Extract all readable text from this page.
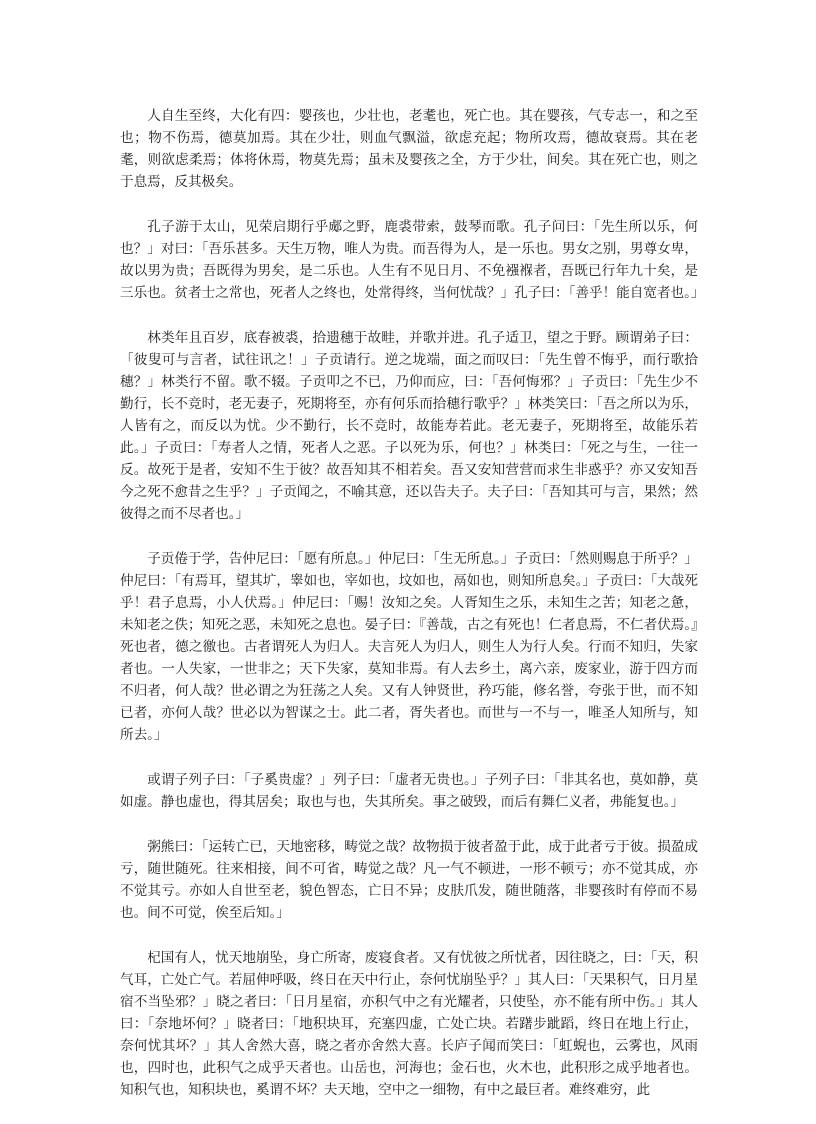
人自生至终，大化有四：婴孩也，少壮也，老耄也，死亡也。其在婴孩，气专志一，和之至也；物不伤焉，德莫加焉。其在少壮，则血气飘溢，欲虑充起；物所攻焉，德故衰焉。其在老耄，则欲虑柔焉；体将休焉，物莫先焉；虽未及婴孩之全，方于少壮，间矣。其在死亡也，则之于息焉，反其极矣。

孔子游于太山，见荣启期行乎郕之野，鹿裘带索，鼓琴而歌。孔子问曰：「先生所以乐，何也？」对曰：「吾乐甚多。天生万物，唯人为贵。而吾得为人，是一乐也。男女之别，男尊女卑，故以男为贵；吾既得为男矣，是二乐也。人生有不见日月、不免襁褓者，吾既已行年九十矣，是三乐也。贫者士之常也，死者人之终也，处常得终，当何忧哉？」孔子曰：「善乎！能自宽者也。」

林类年且百岁，底春被裘，拾遗穗于故畦，并歌并进。孔子适卫，望之于野。顾谓弟子曰：「彼叟可与言者，试往讯之！」子贡请行。逆之垅端，面之而叹曰：「先生曾不悔乎，而行歌拾穗？」林类行不留。歌不辍。子贡叩之不已，乃仰而应，曰：「吾何悔邪？」子贡曰：「先生少不勤行，长不竞时，老无妻子，死期将至，亦有何乐而拾穗行歌乎？」林类笑曰：「吾之所以为乐，人皆有之，而反以为忧。少不勤行，长不竞时，故能寿若此。老无妻子，死期将至，故能乐若此。」子贡曰：「寿者人之情，死者人之恶。子以死为乐，何也？」林类曰：「死之与生，一往一反。故死于是者，安知不生于彼？故吾知其不相若矣。吾又安知营营而求生非惑乎？亦又安知吾今之死不愈昔之生乎？」子贡闻之，不喻其意，还以告夫子。夫子曰：「吾知其可与言，果然；然彼得之而不尽者也。」

子贡倦于学，告仲尼曰：「愿有所息。」仲尼曰：「生无所息。」子贡曰：「然则赐息于所乎？」仲尼曰：「有焉耳，望其圹，睾如也，宰如也，坟如也，鬲如也，则知所息矣。」子贡曰：「大哉死乎！君子息焉，小人伏焉。」仲尼曰：「赐！汝知之矣。人胥知生之乐，未知生之苦；知老之惫，未知老之佚；知死之恶，未知死之息也。晏子曰：『善哉，古之有死也！仁者息焉，不仁者伏焉。』死也者，德之徼也。古者谓死人为归人。夫言死人为归人，则生人为行人矣。行而不知归，失家者也。一人失家，一世非之；天下失家，莫知非焉。有人去乡土，离六亲，废家业，游于四方而不归者，何人哉？世必谓之为狂荡之人矣。又有人钟贤世，矜巧能，修名誉，夸张于世，而不知已者，亦何人哉？世必以为智谋之士。此二者，胥失者也。而世与一不与一，唯圣人知所与，知所去。」

或谓子列子曰：「子奚贵虚？」列子曰：「虚者无贵也。」子列子曰：「非其名也，莫如静，莫如虚。静也虚也，得其居矣；取也与也，失其所矣。事之破毁，而后有舞仁义者，弗能复也。」

粥熊曰：「运转亡已，天地密移，畴觉之哉？故物损于彼者盈于此，成于此者亏于彼。损盈成亏，随世随死。往来相接，间不可省，畴觉之哉？凡一气不顿进，一形不顿亏；亦不觉其成，亦不觉其亏。亦如人自世至老，貌色智态，亡日不异；皮肤爪发，随世随落，非婴孩时有停而不易也。间不可觉，俟至后知。」

杞国有人，忧天地崩坠，身亡所寄，废寝食者。又有忧彼之所忧者，因往晓之，曰：「天，积气耳，亡处亡气。若屈伸呼吸，终日在天中行止，奈何忧崩坠乎？」其人曰：「天果积气，日月星宿不当坠邪？」晓之者曰：「日月星宿，亦积气中之有光耀者，只使坠，亦不能有所中伤。」其人曰：「奈地坏何？」晓者曰：「地积块耳，充塞四虚，亡处亡块。若躇步跐蹈，终日在地上行止，奈何忧其坏？」其人舍然大喜，晓之者亦舍然大喜。长庐子闻而笑曰：「虹蜺也，云雾也，风雨也，四时也，此积气之成乎天者也。山岳也，河海也；金石也，火木也，此积形之成乎地者也。知积气也，知积块也，奚谓不坏？夫天地，空中之一细物，有中之最巨者。难终难穷，此
